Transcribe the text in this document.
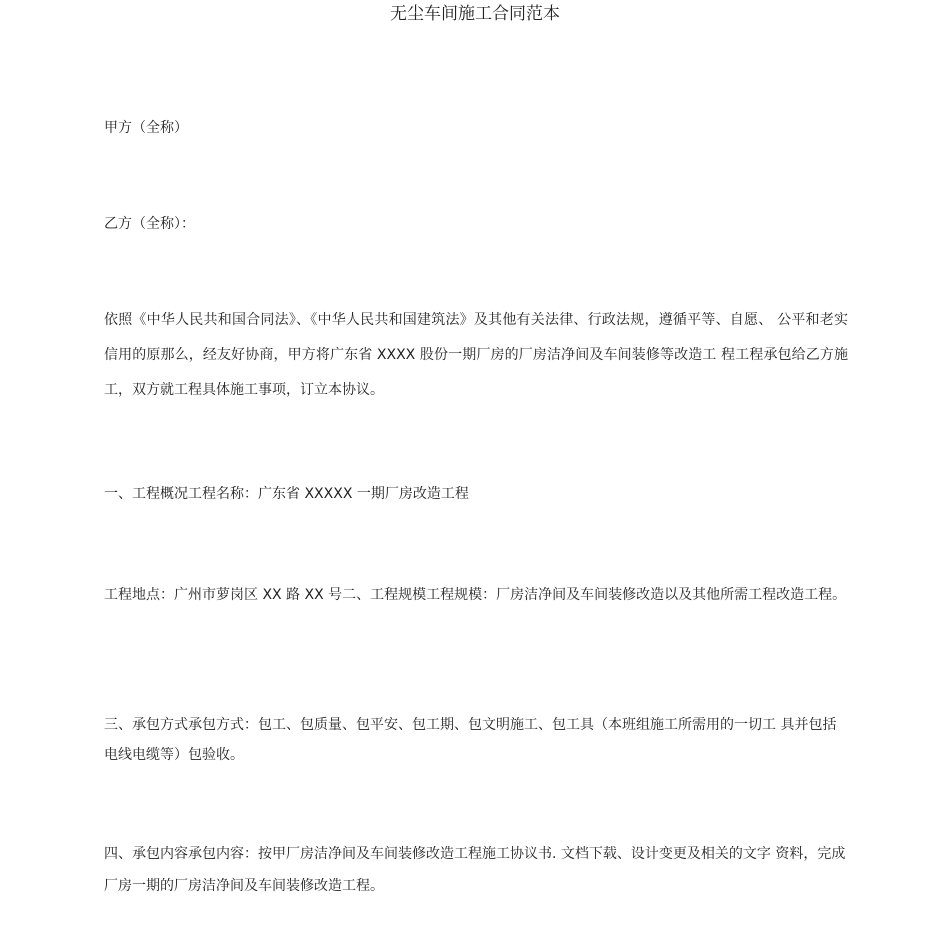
无尘车间施工合同范本
甲方（全称）
乙方（全称）：
依照《中华人民共和国合同法》、《中华人民共和国建筑法》及其他有关法律、行政法规，遵循平等、自愿、 公平和老实信用的原那么，经友好协商，甲方将广东省 XXXX 股份一期厂房的厂房洁净间及车间装修等改造工 程工程承包给乙方施工，双方就工程具体施工事项，订立本协议。
一、工程概况工程名称：广东省 XXXXX 一期厂房改造工程
工程地点：广州市萝岗区 XX 路 XX 号二、工程规模工程规模：厂房洁净间及车间装修改造以及其他所需工程改造工程。
三、承包方式承包方式：包工、包质量、包平安、包工期、包文明施工、包工具（本班组施工所需用的一切工 具并包括电线电缆等）包验收。
四、承包内容承包内容：按甲厂房洁净间及车间装修改造工程施工协议书. 文档下载、设计变更及相关的文字 资料，完成厂房一期的厂房洁净间及车间装修改造工程。
